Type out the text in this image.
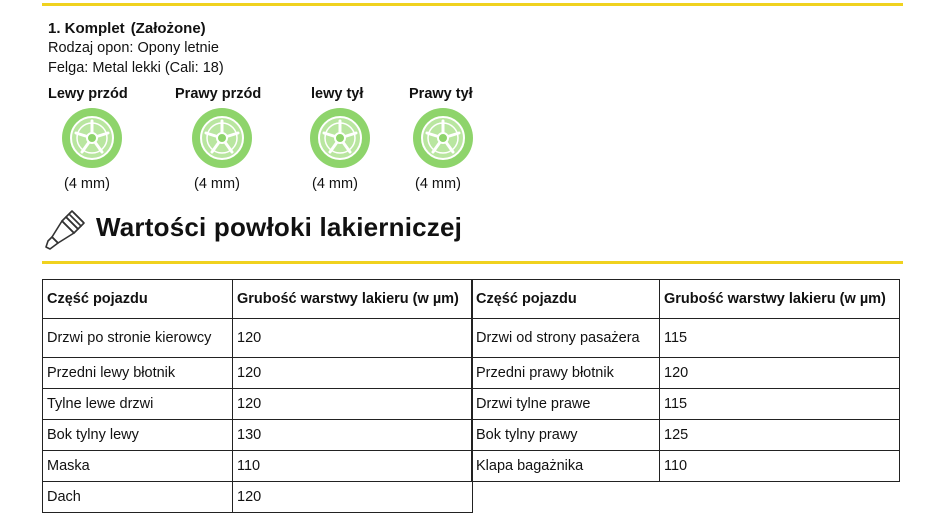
1. Komplet (Założone)
Rodzaj opon: Opony letnie
Felga: Metal lekki (Cali: 18)
Lewy przód	Prawy przód	lewy tył	Prawy tył
(4 mm)	(4 mm)	(4 mm)	(4 mm)
Wartości powłoki lakierniczej
Część pojazdu	Grubość warstwy lakieru (w µm)
Drzwi po stronie kierowcy	120
Przedni lewy błotnik	120
Tylne lewe drzwi	120
Bok tylny lewy	130
Maska	110
Dach	120
Część pojazdu	Grubość warstwy lakieru (w µm)
Drzwi od strony pasażera	115
Przedni prawy błotnik	120
Drzwi tylne prawe	115
Bok tylny prawy	125
Klapa bagażnika	110
